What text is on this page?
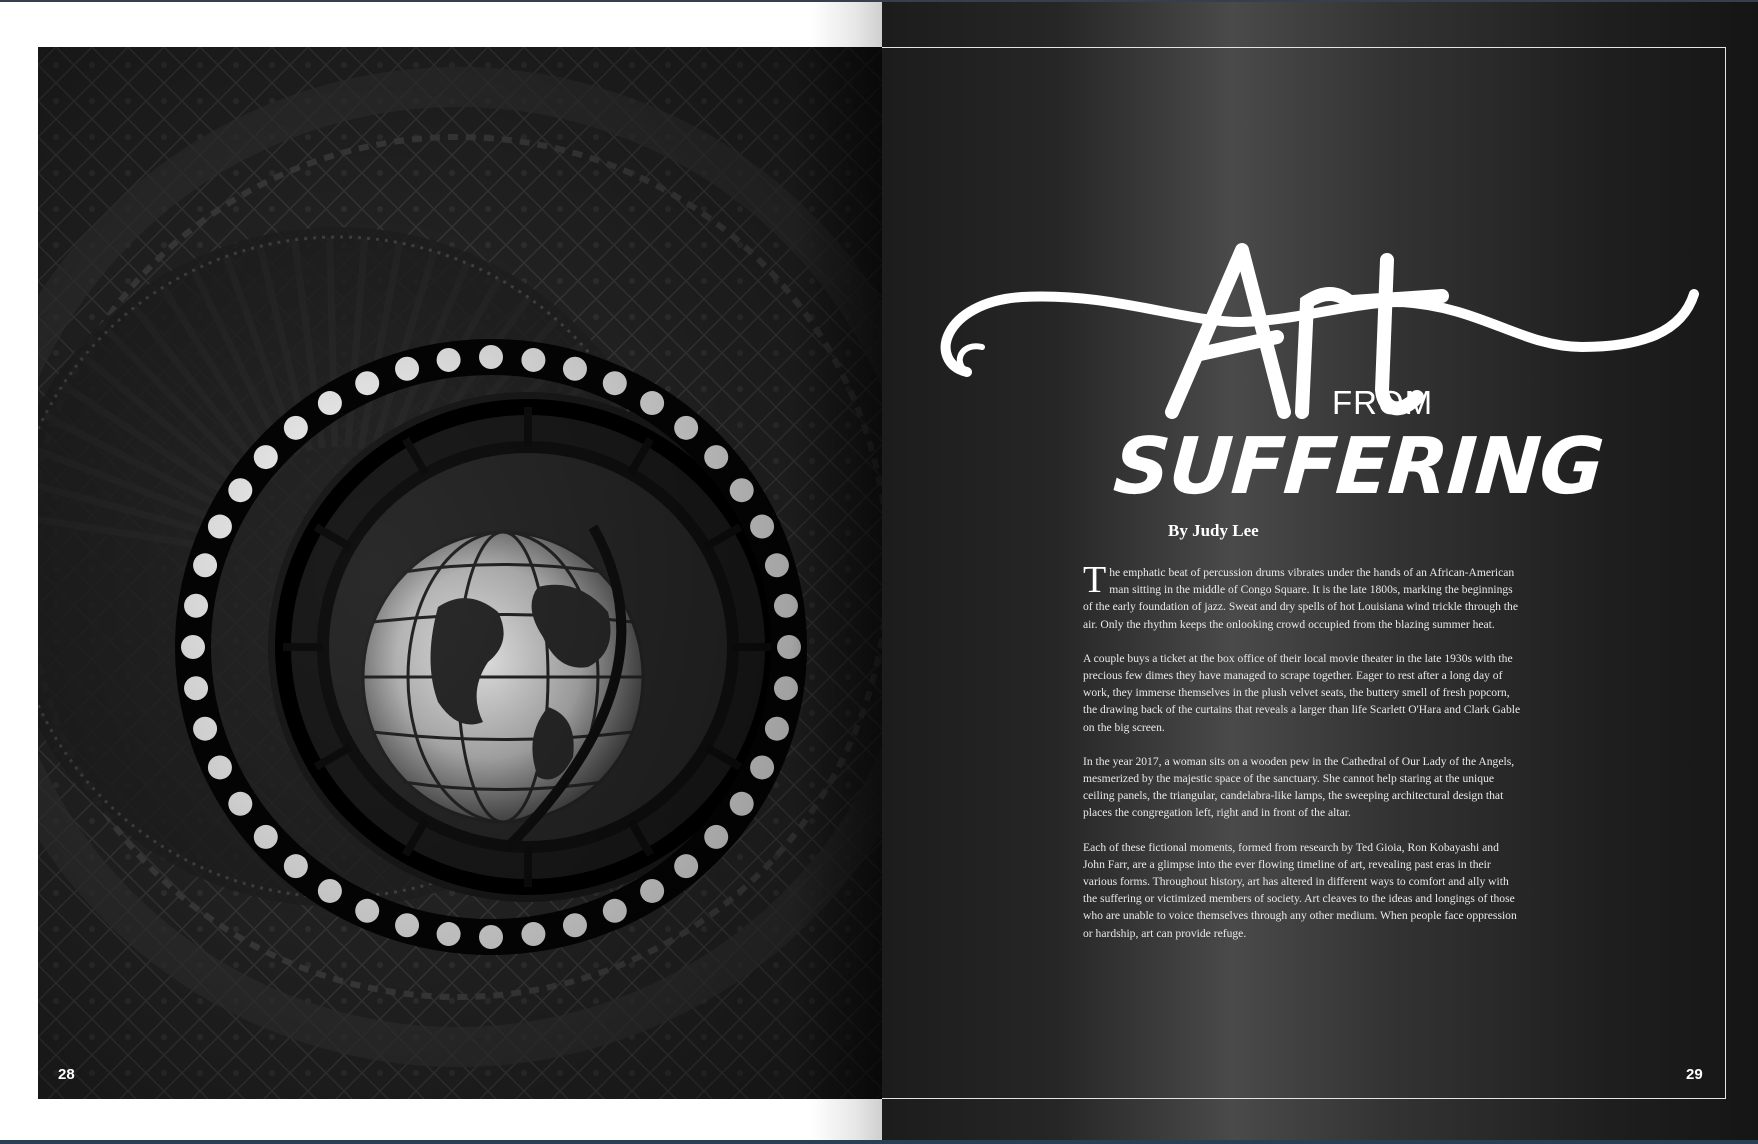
28
FROM
SUFFERING
By Judy Lee

The emphatic beat of percussion drums vibrates under the hands of an African-American man sitting in the middle of Congo Square. It is the late 1800s, marking the beginnings of the early foundation of jazz. Sweat and dry spells of hot Louisiana wind trickle through the air. Only the rhythm keeps the onlooking crowd occupied from the blazing summer heat.

A couple buys a ticket at the box office of their local movie theater in the late 1930s with the precious few dimes they have managed to scrape together. Eager to rest after a long day of work, they immerse themselves in the plush velvet seats, the buttery smell of fresh popcorn, the drawing back of the curtains that reveals a larger than life Scarlett O'Hara and Clark Gable on the big screen.

In the year 2017, a woman sits on a wooden pew in the Cathedral of Our Lady of the Angels, mesmerized by the majestic space of the sanctuary. She cannot help staring at the unique ceiling panels, the triangular, candelabra-like lamps, the sweeping architectural design that places the congregation left, right and in front of the altar.

Each of these fictional moments, formed from research by Ted Gioia, Ron Kobayashi and John Farr, are a glimpse into the ever flowing timeline of art, revealing past eras in their various forms. Throughout history, art has altered in different ways to comfort and ally with the suffering or victimized members of society. Art cleaves to the ideas and longings of those who are unable to voice themselves through any other medium. When people face oppression or hardship, art can provide refuge.

29
